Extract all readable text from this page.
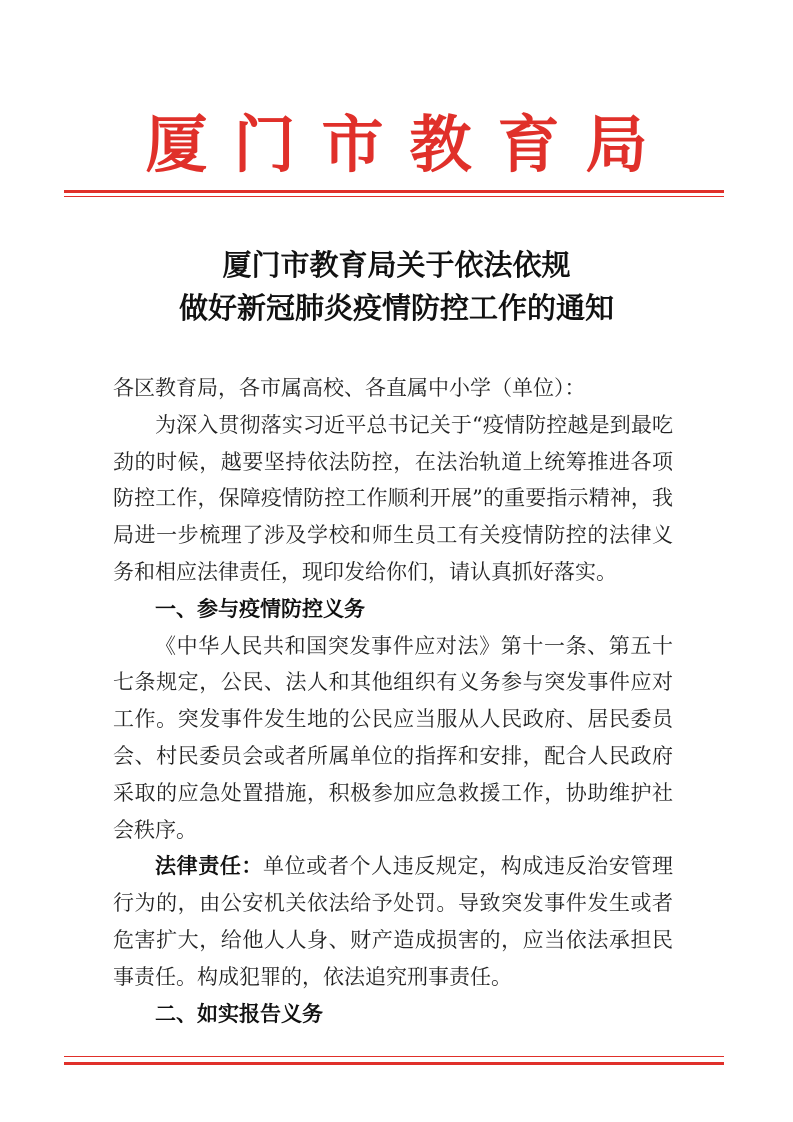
厦门市教育局
厦门市教育局关于依法依规
做好新冠肺炎疫情防控工作的通知

各区教育局，各市属高校、各直属中小学（单位）：

为深入贯彻落实习近平总书记关于“疫情防控越是到最吃劲的时候，越要坚持依法防控，在法治轨道上统筹推进各项防控工作，保障疫情防控工作顺利开展”的重要指示精神，我局进一步梳理了涉及学校和师生员工有关疫情防控的法律义务和相应法律责任，现印发给你们，请认真抓好落实。

一、参与疫情防控义务

《中华人民共和国突发事件应对法》第十一条、第五十七条规定，公民、法人和其他组织有义务参与突发事件应对工作。突发事件发生地的公民应当服从人民政府、居民委员会、村民委员会或者所属单位的指挥和安排，配合人民政府采取的应急处置措施，积极参加应急救援工作，协助维护社会秩序。

法律责任：单位或者个人违反规定，构成违反治安管理行为的，由公安机关依法给予处罚。导致突发事件发生或者危害扩大，给他人人身、财产造成损害的，应当依法承担民事责任。构成犯罪的，依法追究刑事责任。

二、如实报告义务
